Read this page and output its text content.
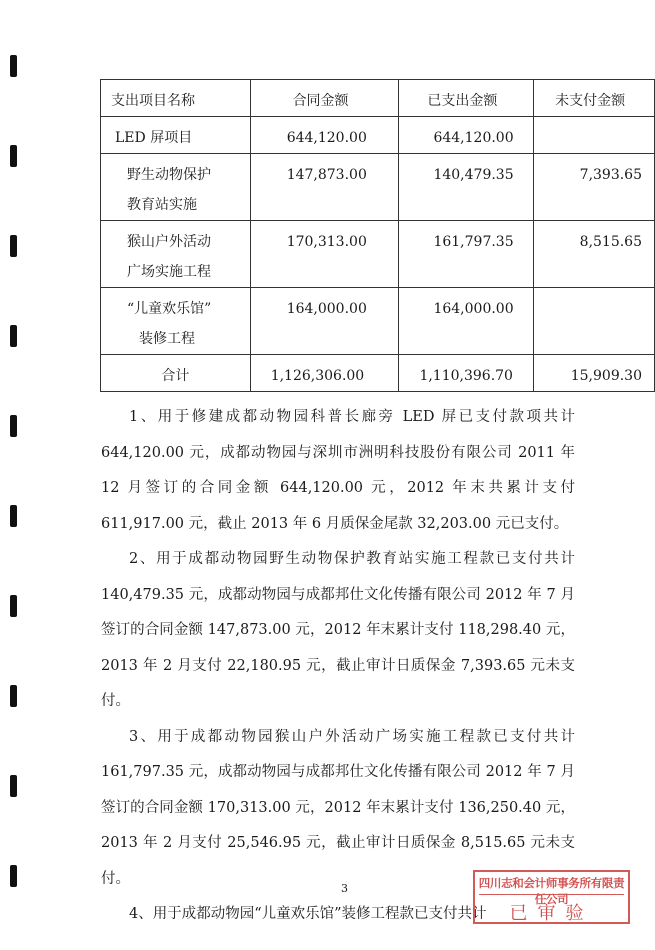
支出项目名称	合同金额	已支出金额	未支付金额

LED 屏项目	644,120.00	644,120.00	

野生动物保护
教育站实施	147,873.00	140,479.35	7,393.65

猴山户外活动
广场实施工程	170,313.00	161,797.35	8,515.65

“儿童欢乐馆”
装修工程	164,000.00	164,000.00	
合计	1,126,306.00	1,110,396.70	15,909.30

1、用于修建成都动物园科普长廊旁 LED 屏已支付款项共计 644,120.00 元，成都动物园与深圳市洲明科技股份有限公司 2011 年 12 月签订的合同金额 644,120.00 元，2012 年末共累计支付 611,917.00 元，截止 2013 年 6 月质保金尾款 32,203.00 元已支付。

2、用于成都动物园野生动物保护教育站实施工程款已支付共计 140,479.35 元，成都动物园与成都邦仕文化传播有限公司 2012 年 7 月签订的合同金额 147,873.00 元，2012 年末累计支付 118,298.40 元，2013 年 2 月支付 22,180.95 元，截止审计日质保金 7,393.65 元未支付。

3、用于成都动物园猴山户外活动广场实施工程款已支付共计 161,797.35 元，成都动物园与成都邦仕文化传播有限公司 2012 年 7 月签订的合同金额 170,313.00 元，2012 年末累计支付 136,250.40 元，2013 年 2 月支付 25,546.95 元，截止审计日质保金 8,515.65 元未支付。

4、用于成都动物园“儿童欢乐馆”装修工程款已支付共计

3	四川志和会计师事务所有限责任公司
已审验
